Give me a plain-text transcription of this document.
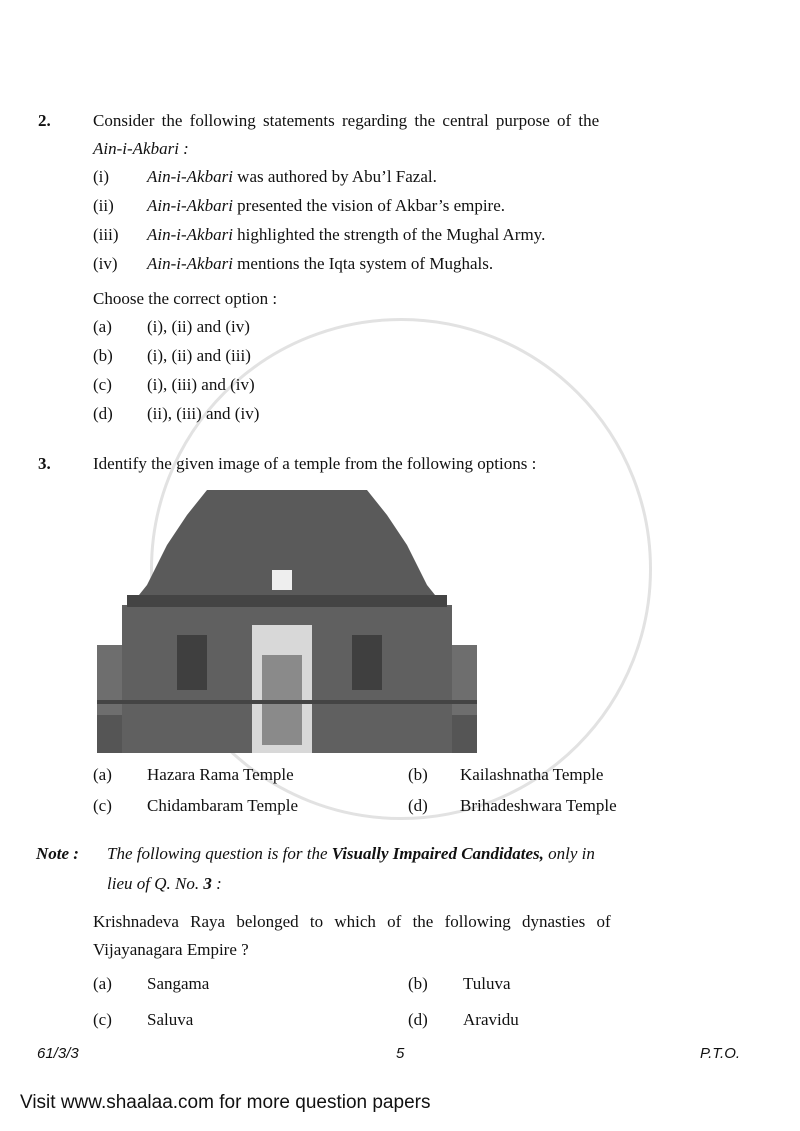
2. Consider the following statements regarding the central purpose of the
Ain-i-Akbari :
(i) Ain-i-Akbari was authored by Abu’l Fazal.
(ii) Ain-i-Akbari presented the vision of Akbar’s empire.
(iii) Ain-i-Akbari highlighted the strength of the Mughal Army.
(iv) Ain-i-Akbari mentions the Iqta system of Mughals.
Choose the correct option :
(a) (i), (ii) and (iv)
(b) (i), (ii) and (iii)
(c) (i), (iii) and (iv)
(d) (ii), (iii) and (iv)
3. Identify the given image of a temple from the following options :
(a) Hazara Rama Temple	(b) Kailashnatha Temple
(c) Chidambaram Temple	(d) Brihadeshwara Temple
Note : The following question is for the Visually Impaired Candidates, only in
lieu of Q. No. 3 :
Krishnadeva Raya belonged to which of the following dynasties of
Vijayanagara Empire ?
(a) Sangama	(b) Tuluva
(c) Saluva	(d) Aravidu
61/3/3	5	P.T.O.
Visit www.shaalaa.com for more question papers
